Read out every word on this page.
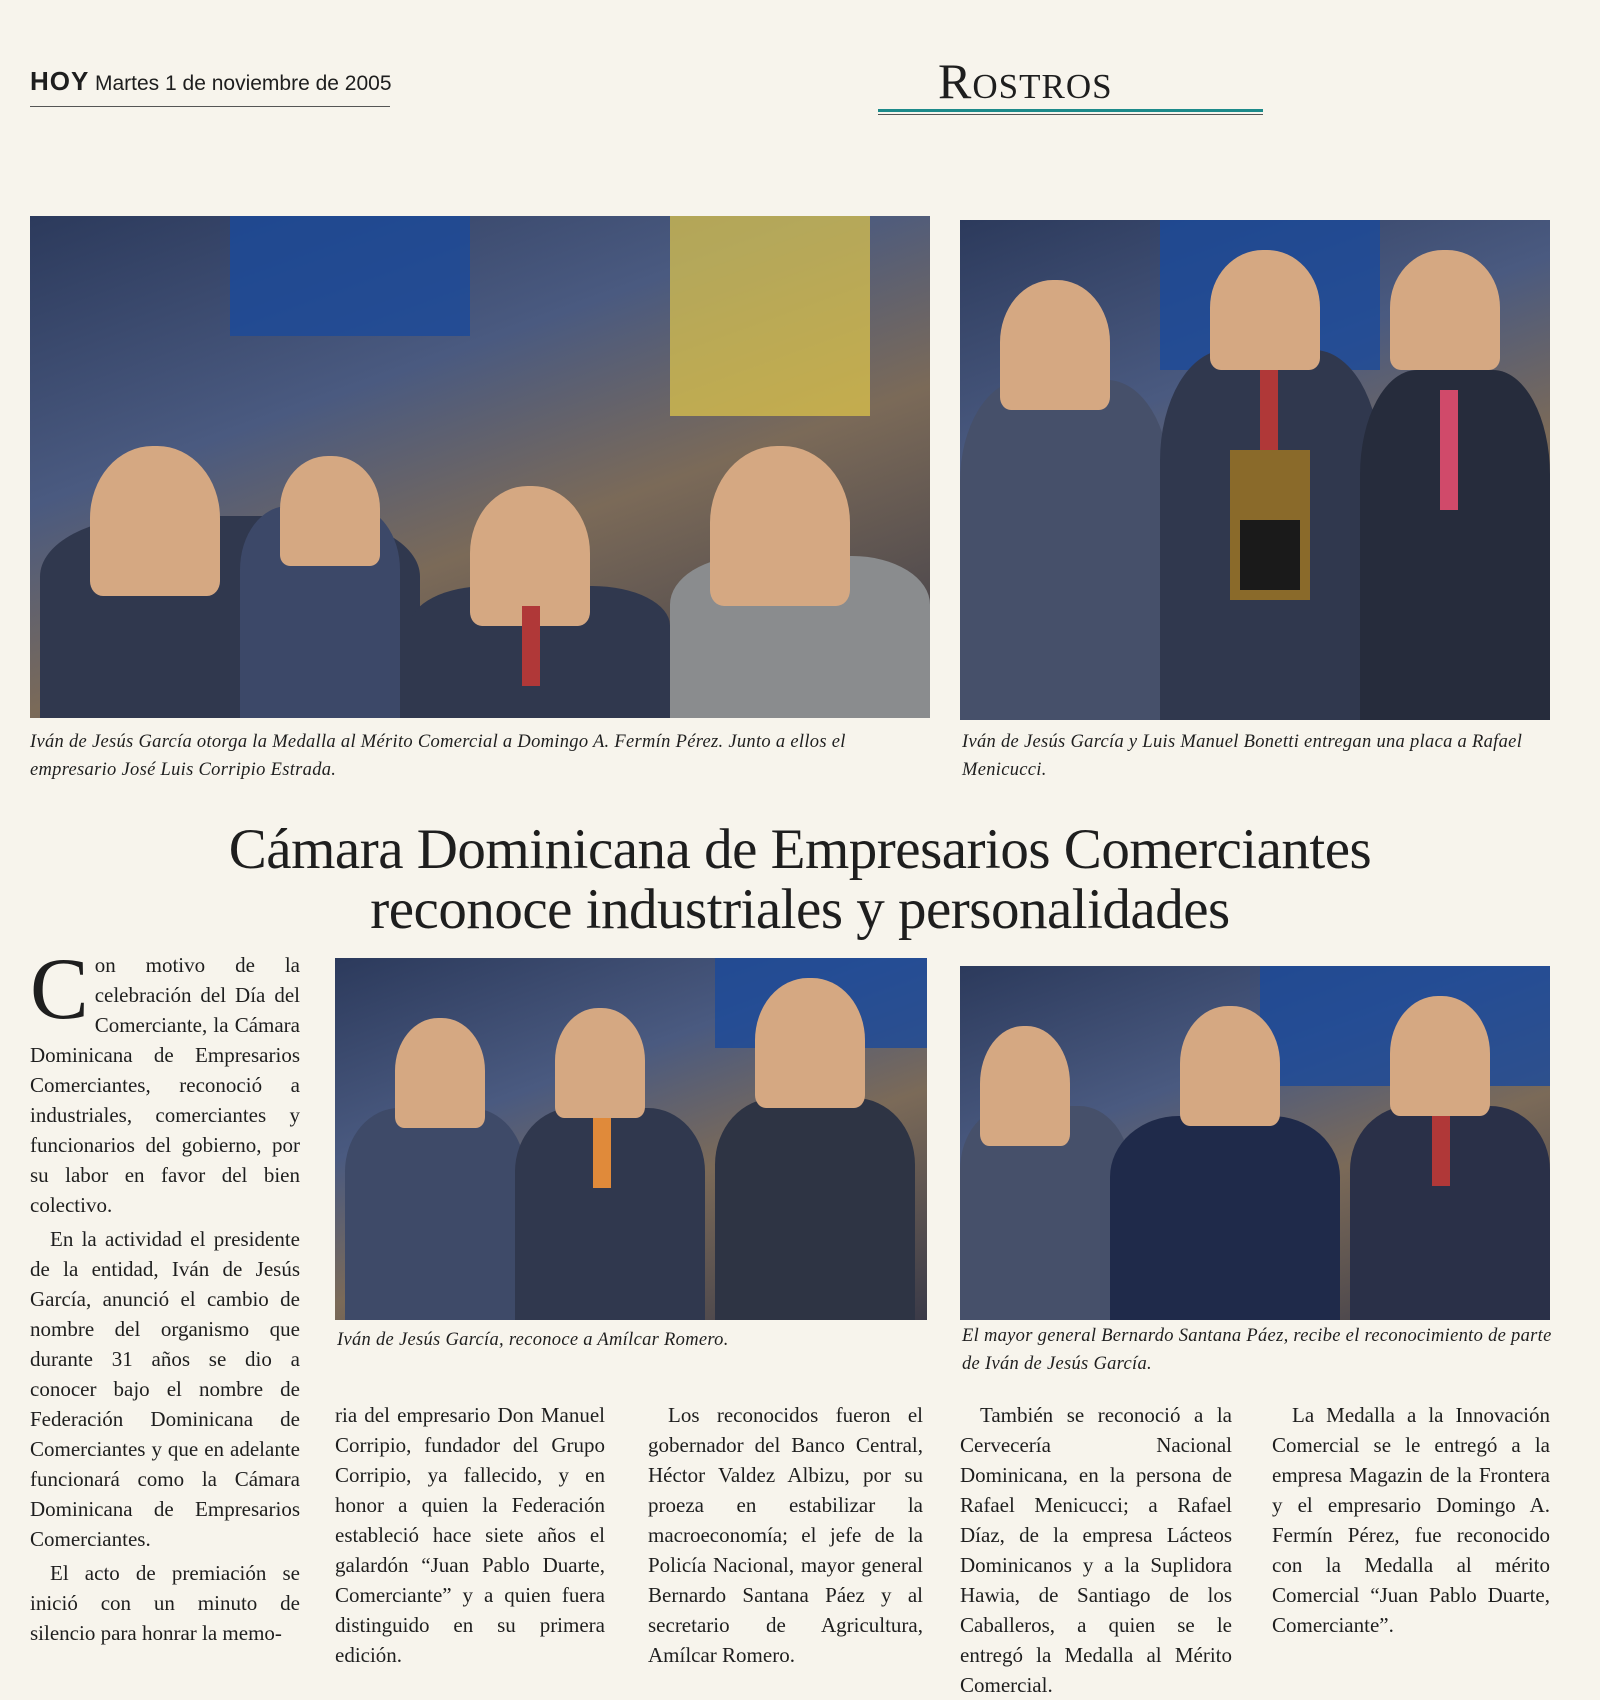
HOY Martes 1 de noviembre de 2005	Rostros
Iván de Jesús García otorga la Medalla al Mérito Comercial a Domingo A. Fermín Pérez. Junto a ellos el empresario José Luis Corripio Estrada.
Iván de Jesús García y Luis Manuel Bonetti entregan una placa a Rafael Menicucci.
Cámara Dominicana de Empresarios Comerciantes
reconoce industriales y personalidades
Iván de Jesús García, reconoce a Amílcar Romero.	El mayor general Bernardo Santana Páez, recibe el reconocimiento de parte de Iván de Jesús García.
C on motivo de la celebración del Día del Comerciante, la Cámara Dominicana de Empresarios Comerciantes, reconoció a industriales, comerciantes y funcionarios del gobierno, por su labor en favor del bien colectivo.

En la actividad el presidente de la entidad, Iván de Jesús García, anunció el cambio de nombre del organismo que durante 31 años se dio a conocer bajo el nombre de Federación Dominicana de Comerciantes y que en adelante funcionará como la Cámara Dominicana de Empresarios Comerciantes.

El acto de premiación se inició con un minuto de silencio para honrar la memo-

ria del empresario Don Manuel Corripio, fundador del Grupo Corripio, ya fallecido, y en honor a quien la Federación estableció hace siete años el galardón “Juan Pablo Duarte, Comerciante” y a quien fuera distinguido en su primera edición.

Los reconocidos fueron el gobernador del Banco Central, Héctor Valdez Albizu, por su proeza en estabilizar la macroeconomía; el jefe de la Policía Nacional, mayor general Bernardo Santana Páez y al secretario de Agricultura, Amílcar Romero.

También se reconoció a la Cervecería Nacional Dominicana, en la persona de Rafael Menicucci; a Rafael Díaz, de la empresa Lácteos Dominicanos y a la Suplidora Hawia, de Santiago de los Caballeros, a quien se le entregó la Medalla al Mérito Comercial.

La Medalla a la Innovación Comercial se le entregó a la empresa Magazin de la Frontera y el empresario Domingo A. Fermín Pérez, fue reconocido con la Medalla al mérito Comercial “Juan Pablo Duarte, Comerciante”.
